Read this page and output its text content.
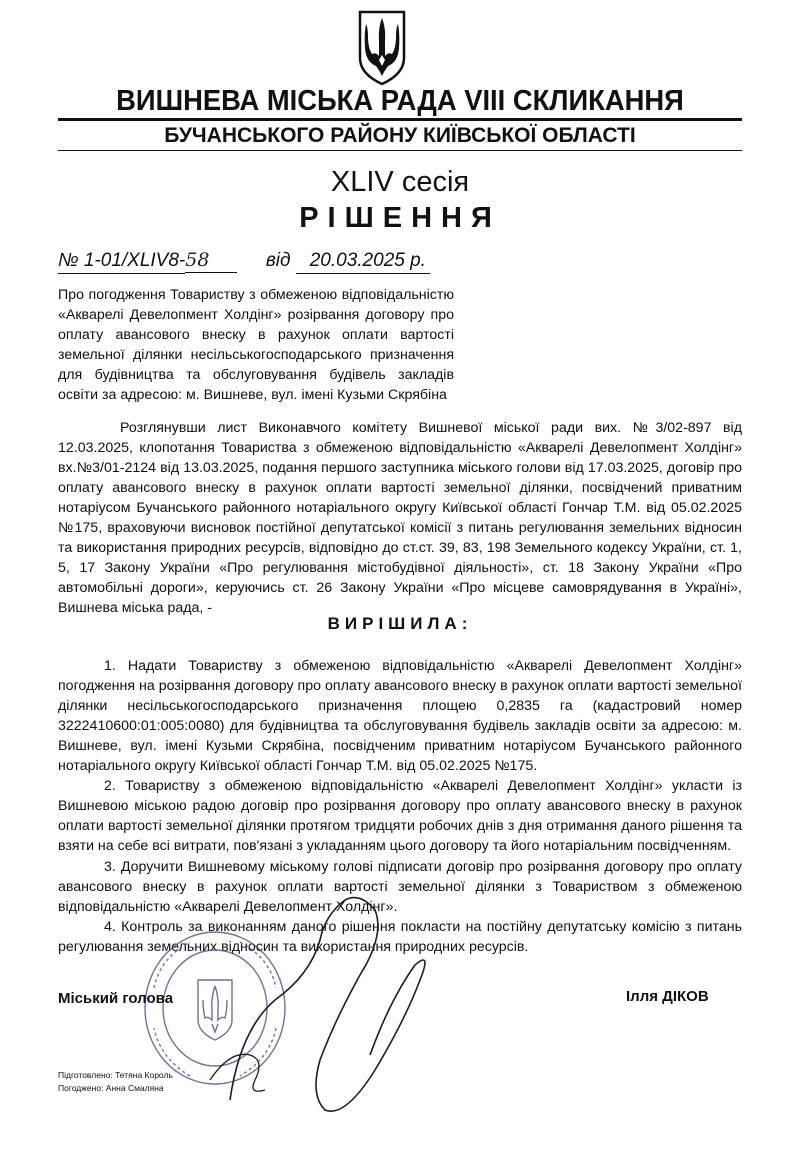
ВИШНЕВА МІСЬКА РАДА VIII СКЛИКАННЯ
БУЧАНСЬКОГО РАЙОНУ КИЇВСЬКОЇ ОБЛАСТІ

XLIV сесія

РІШЕННЯ

№ 1-01/XLIV8-58	від 20.03.2025 р.

Про погодження Товариству з обмеженою відповідальністю «Акварелі Девелопмент Холдінг» розірвання договору про оплату авансового внеску в рахунок оплати вартості земельної ділянки несільськогосподарського призначення для будівництва та обслуговування будівель закладів освіти за адресою: м. Вишневе, вул. імені Кузьми Скрябіна

Розглянувши лист Виконавчого комітету Вишневої міської ради вих. №3/02-897 від 12.03.2025, клопотання Товариства з обмеженою відповідальністю «Акварелі Девелопмент Холдінг» вх.№3/01-2124 від 13.03.2025, подання першого заступника міського голови від 17.03.2025, договір про оплату авансового внеску в рахунок оплати вартості земельної ділянки, посвідчений приватним нотаріусом Бучанського районного нотаріального округу Київської області Гончар Т.М. від 05.02.2025 №175, враховуючи висновок постійної депутатської комісії з питань регулювання земельних відносин та використання природних ресурсів, відповідно до ст.ст. 39, 83, 198 Земельного кодексу України, ст. 1, 5, 17 Закону України «Про регулювання містобудівної діяльності», ст. 18 Закону України «Про автомобільні дороги», керуючись ст. 26 Закону України «Про місцеве самоврядування в Україні», Вишнева міська рада, -

ВИРІШИЛА:

1. Надати Товариству з обмеженою відповідальністю «Акварелі Девелопмент Холдінг» погодження на розірвання договору про оплату авансового внеску в рахунок оплати вартості земельної ділянки несільськогосподарського призначення площею 0,2835 га (кадастровий номер 3222410600:01:005:0080) для будівництва та обслуговування будівель закладів освіти за адресою: м. Вишневе, вул. імені Кузьми Скрябіна, посвідченим приватним нотаріусом Бучанського районного нотаріального округу Київської області Гончар Т.М. від 05.02.2025 №175.

2. Товариству з обмеженою відповідальністю «Акварелі Девелопмент Холдінг» укласти із Вишневою міською радою договір про розірвання договору про оплату авансового внеску в рахунок оплати вартості земельної ділянки протягом тридцяти робочих днів з дня отримання даного рішення та взяти на себе всі витрати, пов'язані з укладанням цього договору та його нотаріальним посвідченням.

3. Доручити Вишневому міському голові підписати договір про розірвання договору про оплату авансового внеску в рахунок оплати вартості земельної ділянки з Товариством з обмеженою відповідальністю «Акварелі Девелопмент Холдінг».

4. Контроль за виконанням даного рішення покласти на постійну депутатську комісію з питань регулювання земельних відносин та використання природних ресурсів.

Міський голова	Ілля ДІКОВ

Підготовлено: Тетяна Король

Погоджено: Анна Смаляна
